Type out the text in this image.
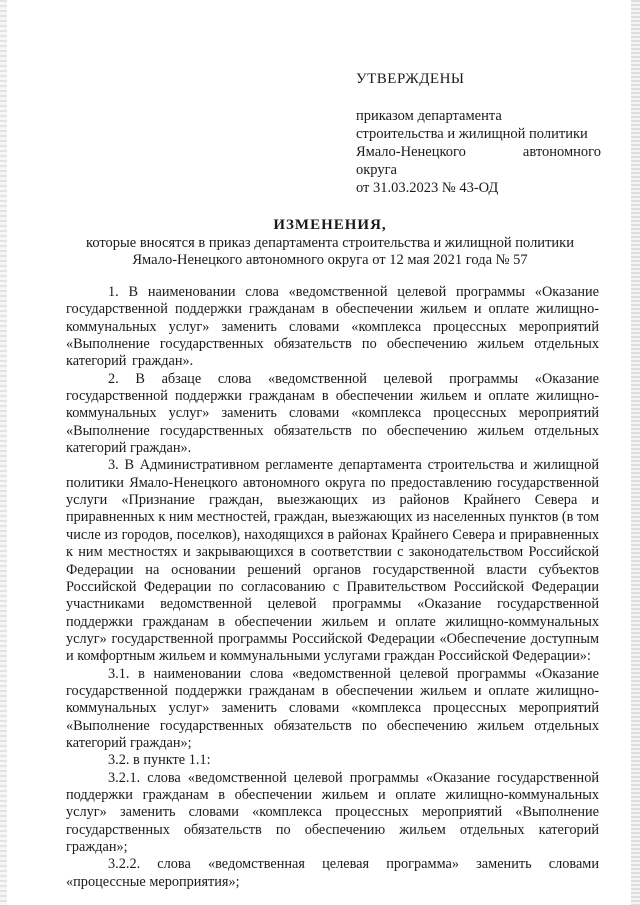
УТВЕРЖДЕНЫ
приказом департамента
строительства и жилищной политики
Ямало-Ненецкого	автономного
округа
от 31.03.2023 № 43-ОД
ИЗМЕНЕНИЯ,
которые вносятся в приказ департамента строительства и жилищной политики
Ямало-Ненецкого автономного округа от 12 мая 2021 года № 57

1. В наименовании слова «ведомственной целевой программы «Оказание государственной поддержки гражданам в обеспечении жильем и оплате жилищно-коммунальных услуг» заменить словами «комплекса процессных мероприятий «Выполнение государственных обязательств по обеспечению жильем отдельных категорий граждан».

2. В абзаце слова «ведомственной целевой программы «Оказание государственной поддержки гражданам в обеспечении жильем и оплате жилищно-коммунальных услуг» заменить словами «комплекса процессных мероприятий «Выполнение государственных обязательств по обеспечению жильем отдельных категорий граждан».

3. В Административном регламенте департамента строительства и жилищной политики Ямало-Ненецкого автономного округа по предоставлению государственной услуги «Признание граждан, выезжающих из районов Крайнего Севера и приравненных к ним местностей, граждан, выезжающих из населенных пунктов (в том числе из городов, поселков), находящихся в районах Крайнего Севера и приравненных к ним местностях и закрывающихся в соответствии с законодательством Российской Федерации на основании решений органов государственной власти субъектов Российской Федерации по согласованию с Правительством Российской Федерации участниками ведомственной целевой программы «Оказание государственной поддержки гражданам в обеспечении жильем и оплате жилищно-коммунальных услуг» государственной программы Российской Федерации «Обеспечение доступным и комфортным жильем и коммунальными услугами граждан Российской Федерации»:

3.1. в наименовании слова «ведомственной целевой программы «Оказание государственной поддержки гражданам в обеспечении жильем и оплате жилищно-коммунальных услуг» заменить словами «комплекса процессных мероприятий «Выполнение государственных обязательств по обеспечению жильем отдельных категорий граждан»;

3.2. в пункте 1.1:

3.2.1. слова «ведомственной целевой программы «Оказание государственной поддержки гражданам в обеспечении жильем и оплате жилищно-коммунальных услуг» заменить словами «комплекса процессных мероприятий «Выполнение государственных обязательств по обеспечению жильем отдельных категорий граждан»;

3.2.2. слова «ведомственная целевая программа» заменить словами «процессные мероприятия»;
